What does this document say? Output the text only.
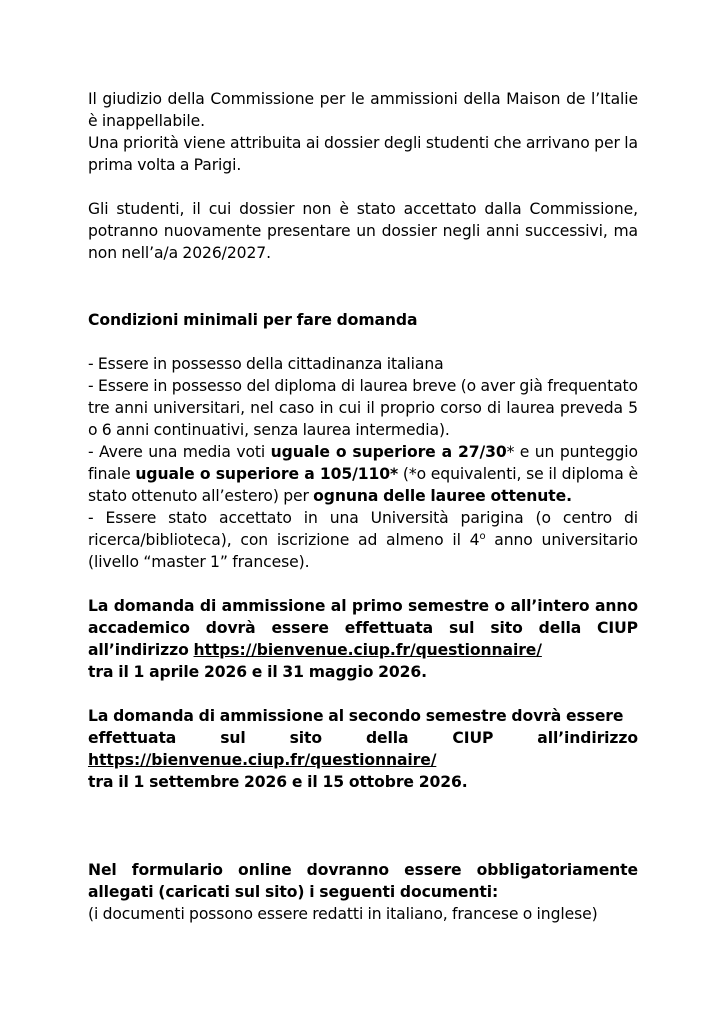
Il giudizio della Commissione per le ammissioni della Maison de l’Italie è inappellabile.
Una priorità viene attribuita ai dossier degli studenti che arrivano per la prima volta a Parigi.

Gli studenti, il cui dossier non è stato accettato dalla Commissione, potranno nuovamente presentare un dossier negli anni successivi, ma non nell’a/a 2026/2027.

Condizioni minimali per fare domanda

- Essere in possesso della cittadinanza italiana
- Essere in possesso del diploma di laurea breve (o aver già frequentato tre anni universitari, nel caso in cui il proprio corso di laurea preveda 5 o 6 anni continuativi, senza laurea intermedia).
- Avere una media voti uguale o superiore a 27/30* e un punteggio finale uguale o superiore a 105/110* (*o equivalenti, se il diploma è stato ottenuto all’estero) per ognuna delle lauree ottenute.
- Essere stato accettato in una Università parigina (o centro di ricerca/biblioteca), con iscrizione ad almeno il 4$^o$ anno universitario (livello “master 1” francese).

La domanda di ammissione al primo semestre o all’intero anno accademico dovrà essere effettuata sul sito della CIUP all’indirizzo https://bienvenue.ciup.fr/questionnaire/
tra il 1 aprile 2026 e il 31 maggio 2026.

La domanda di ammissione al secondo semestre dovrà essere
effettuata sul sito della CIUP all’indirizzo
https://bienvenue.ciup.fr/questionnaire/
tra il 1 settembre 2026 e il 15 ottobre 2026.

Nel formulario online dovranno essere obbligatoriamente allegati (caricati sul sito) i seguenti documenti:

(i documenti possono essere redatti in italiano, francese o inglese)
